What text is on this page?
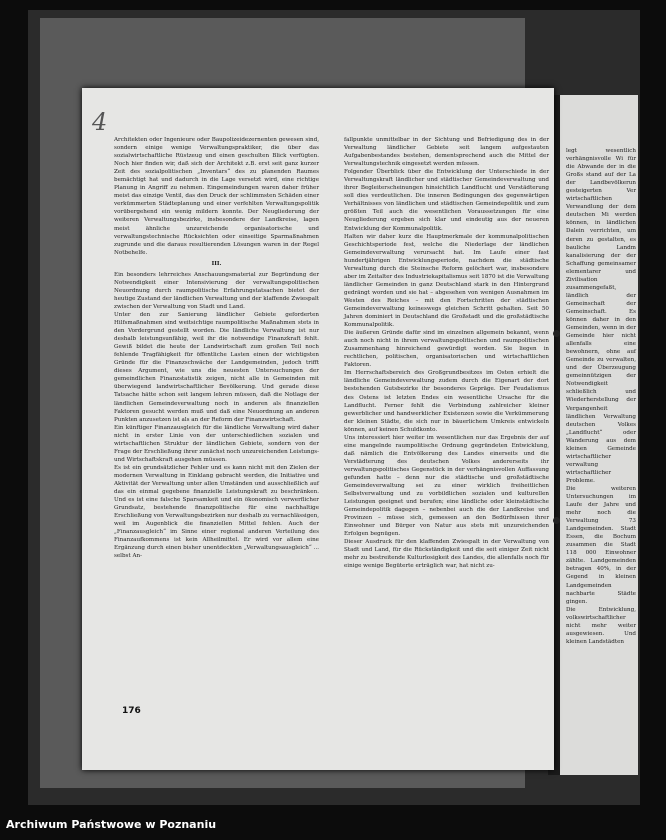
legt wesentlich verhängnisvolle Wi für die Abwande der in die Großs stand auf der La der Landbevölkerun gesteigerten Ver wirtschaftlichen Verwandlung der dem deutschen Mi werden können, in ländlichen Dalein verrichten, um deren zu gestalten, es bauliche Landm kanalisierung der der Schaffung gemeinsamer elementarer und Zivilisation zusammengefaßt, ländlich der Gemeinschaft der Gemeinschaft. Es können daher in den Gemeinden, wenn in der Gemeinde hier nicht allenfalls eine bewohnern, ohne auf Gemeinde zu verwalten, und der Überzeugung gemeinnützigen der Notwendigkeit schließlich und Wiederherstellung der Vergangenheit ländlichen Verwaltung deutschen Volkes „Landflucht“ oder Wanderung aus dem kleinen Gemeinde wirtschaftlicher verwaltung wirtschaftlicher Probleme.

Die weiteren Untersuchungen im Laufe der Jahre und mehr noch die Verwaltung 73 Landgemeinden. Stadt Essen, die Bochum zusammen die Stadt 118 000 Einwohner zählte. Landgemeinden betragen 40%, in der Gegend in kleinen Landgemeinden nachbarte Städte gingen.

Die Entwicklung, volkswirtschaftlicher nicht mehr weiter ausgewiesen. Und kleinen Landstädten

4

Architekten oder Ingenieure oder Baupolizeidezernenten gewesen sind, sondern einige wenige Verwaltungspraktiker, die über das sozialwirtschaftliche Rüstzeug und einen geschulten Blick verfügten. Noch hier finden wir, daß sich der Architekt z.B. erst seit ganz kurzer Zeit des sozialpolitischen „Inventars“ des zu planenden Raumes bemächtigt hat und dadurch in die Lage versetzt wird, eine richtige Planung in Angriff zu nehmen. Eingemeindungen waren daher früher meist das einzige Ventil, das den Druck der schlimmsten Schäden einer verkümmerten Städteplanung und einer verfehlten Verwaltungspolitik vorübergehend ein wenig mildern konnte. Der Neugliederung der weiteren Verwaltungsbezirke, insbesondere der Landkreise, lagen meist ähnliche unzureichende organisatorische und verwaltungstechnische Rücksichten oder einseitige Sparmaßnahmen zugrunde und die daraus resultierenden Lösungen waren in der Regel Notbehelfe.

III.

Ein besonders lehrreiches Anschauungsmaterial zur Begründung der Notwendigkeit einer Intensivierung der verwaltungspolitischen Neuordnung durch raumpolitische Erfahrungstatsachen bietet der heutige Zustand der ländlichen Verwaltung und der klaffende Zwiespalt zwischen der Verwaltung von Stadt und Land.

Unter den zur Sanierung ländlicher Gebiete geforderten Hilfsmaßnahmen sind weitsichtige raumpolitische Maßnahmen stets in den Vordergrund gestellt worden. Die ländliche Verwaltung ist nur deshalb leistungsunfähig, weil ihr die notwendige Finanzkraft fehlt. Gewiß bildet die heute der Landwirtschaft zum großen Teil noch fehlende Tragfähigkeit für öffentliche Lasten einen der wichtigsten Gründe für die Finanzschwäche der Landgemeinden, jedoch trifft dieses Argument, wie uns die neuesten Untersuchungen der gemeindlichen Finanzstatistik zeigen, nicht alle in Gemeinden mit überwiegend landwirtschaftlicher Bevölkerung. Und gerade diese Tatsache hätte schon seit langem lehren müssen, daß die Notlage der ländlichen Gemeindeverwaltung noch in anderen als finanziellen Faktoren gesucht werden muß und daß eine Neuordnung an anderen Punkten anzusetzen ist als an der Reform der Finanzwirtschaft.

Ein künftiger Finanzausgleich für die ländliche Verwaltung wird daher nicht in erster Linie von der unterschiedlichen sozialen und wirtschaftlichen Struktur der ländlichen Gebiete, sondern von der Frage der Erschließung ihrer zunächst noch unzureichenden Leistungs- und Wirtschaftskraft ausgehen müssen.

Es ist ein grundsätzlicher Fehler und es kann nicht mit den Zielen der modernen Verwaltung in Einklang gebracht werden, die Initiative und Aktivität der Verwaltung unter allen Umständen und ausschließlich auf das ein einmal gegebene finanzielle Leistungskraft zu beschränken. Und es ist eine falsche Sparsamkeit und ein ökonomisch verwerflicher Grundsatz, bestehende finanzpolitische für eine nachhaltige Erschließung von Verwaltungsbezirken nur deshalb zu vernachlässigen, weil im Augenblick die finanziellen Mittel fehlen. Auch der „Finanzausgleich“ im Sinne einer regional anderen Verteilung des Finanzaufkommens ist kein Allheilmittel. Er wird vor allem eine Ergänzung durch einen bisher unentdeckten „Verwaltungsausgleich“ ... selbst An-

fallpunkte unmittelbar in der Sichtung und Befriedigung des in der Verwaltung ländlicher Gebiete seit langem aufgestauten Aufgabenbestandes bestehen, dementsprechend auch die Mittel der Verwaltungstechnik eingesetzt werden müssen.

Folgender Überblick über die Entwicklung der Unterschiede in der Verwaltungskraft ländlicher und städtischer Gemeindeverwaltung und ihrer Begleiterscheinungen hinsichtlich Landflucht und Verstädterung soll dies verdeutlichen. Die inneren Bedingungen des gegenwärtigen Verhältnisses von ländlichen und städtischen Gemeindepolitik und zum größten Teil auch die wesentlichen Voraussetzungen für eine Neugliederung ergeben sich klar und eindeutig aus der neueren Entwicklung der Kommunalpolitik.

Halten wir daher kurz die Hauptmerkmale der kommunalpolitischen Geschichtsperiode fest, welche die Niederlage der ländlichen Gemeindeverwaltung verursacht hat. Im Laufe einer fast hundertjährigen Entwicklungsperiode, nachdem die städtische Verwaltung durch die Steinsche Reform gelöchert war, insbesondere aber im Zeitalter des Industriekapitalismus seit 1870 ist die Verwaltung ländlicher Gemeinden in ganz Deutschland stark in den Hintergrund gedrängt worden und sie hat – abgesehen von wenigen Ausnahmen im Westen des Reiches – mit den Fortschritten der städtischen Gemeindeverwaltung keineswegs gleichen Schritt gehalten. Seit 50 Jahren dominiert in Deutschland die Großstadt und die großstädtische Kommunalpolitik.

Die äußeren Gründe dafür sind im einzelnen allgemein bekannt, wenn auch noch nicht in ihrem verwaltungspolitischen und raumpolitischen Zusammenhang hinreichend gewürdigt worden. Sie liegen in rechtlichen, politischen, organisatorischen und wirtschaftlichen Faktoren.

Im Herrschaftsbereich des Großgrundbesitzes im Osten erhielt die ländliche Gemeindeverwaltung zudem durch die Eigenart der dort bestehenden Gutsbezirke ihr besonderes Gepräge. Der Feudalismus des Ostens ist letzten Endes ein wesentliche Ursache für die Landflucht. Ferner fehlt die Verbindung zahlreicher kleiner gewerblicher und handwerklicher Existenzen sowie die Verkümmerung der kleinen Städte, die sich nur in bäuerlichem Umkreis entwickeln können, auf keinen Schuldkonto.

Uns interessiert hier weiter im wesentlichen nur das Ergebnis der auf eine mangelnde raumpolitische Ordnung gegründeten Entwicklung, daß nämlich die Entvölkerung des Landes einerseits und die Verstädterung des deutschen Volkes andererseits ihr verwaltungspolitisches Gegenstück in der verhängnisvollen Auffassung gefunden hatte – denn nur die städtische und großstädtische Gemeindeverwaltung sei zu einer wirklich freiheitlichen Selbstverwaltung und zu vorbildlichen sozialen und kulturellen Leistungen geeignet und berufen; eine ländliche oder kleinstädtische Gemeindepolitik dagegen – nebenbei auch die der Landkreise und Provinzen – müsse sich, gemessen an den Bedürfnissen ihrer Einwohner und Bürger von Natur aus stets mit unzureichenden Erfolgen begnügen.

Dieser Ausdruck für den klaffenden Zwiespalt in der Verwaltung von Stadt und Land, für die Rückständigkeit und die seit einiger Zeit nicht mehr zu bestreitende Kulturlosigkeit des Landes, die allenfalls noch für einige wenige Begüterte erträglich war, hat nicht zu-

176
Archiwum Państwowe w Poznaniu
